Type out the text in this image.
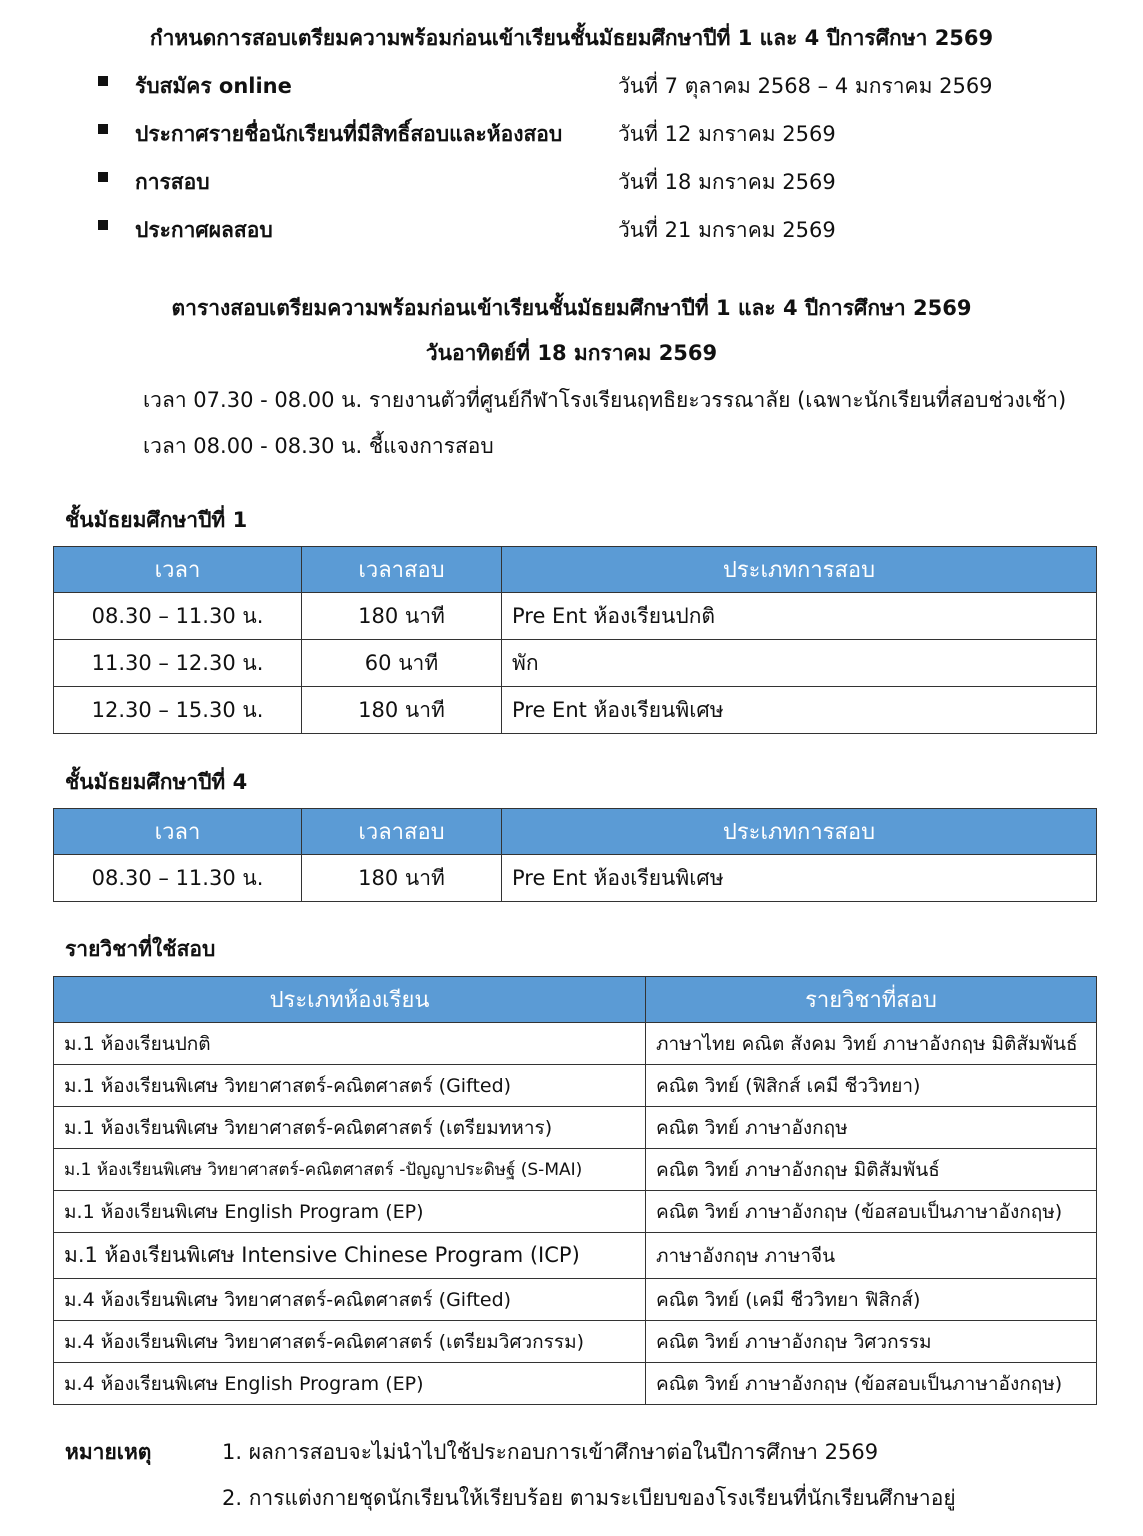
กำหนดการสอบเตรียมความพร้อมก่อนเข้าเรียนชั้นมัธยมศึกษาปีที่ 1 และ 4 ปีการศึกษา 2569
รับสมัคร online	วันที่ 7 ตุลาคม 2568 – 4 มกราคม 2569
ประกาศรายชื่อนักเรียนที่มีสิทธิ์สอบและห้องสอบ	วันที่ 12 มกราคม 2569
การสอบ	วันที่ 18 มกราคม 2569
ประกาศผลสอบ	วันที่ 21 มกราคม 2569
ตารางสอบเตรียมความพร้อมก่อนเข้าเรียนชั้นมัธยมศึกษาปีที่ 1 และ 4 ปีการศึกษา 2569
วันอาทิตย์ที่ 18 มกราคม 2569
เวลา 07.30 - 08.00 น. รายงานตัวที่ศูนย์กีฬาโรงเรียนฤทธิยะวรรณาลัย (เฉพาะนักเรียนที่สอบช่วงเช้า)
เวลา 08.00 - 08.30 น. ชี้แจงการสอบ
ชั้นมัธยมศึกษาปีที่ 1
เวลา	เวลาสอบ	ประเภทการสอบ
08.30 – 11.30 น.	180 นาที	Pre Ent ห้องเรียนปกติ
11.30 – 12.30 น.	60 นาที	พัก
12.30 – 15.30 น.	180 นาที	Pre Ent ห้องเรียนพิเศษ
ชั้นมัธยมศึกษาปีที่ 4
เวลา	เวลาสอบ	ประเภทการสอบ
08.30 – 11.30 น.	180 นาที	Pre Ent ห้องเรียนพิเศษ
รายวิชาที่ใช้สอบ
ประเภทห้องเรียน	รายวิชาที่สอบ
ม.1 ห้องเรียนปกติ	ภาษาไทย คณิต สังคม วิทย์ ภาษาอังกฤษ มิติสัมพันธ์
ม.1 ห้องเรียนพิเศษ วิทยาศาสตร์-คณิตศาสตร์ (Gifted)	คณิต วิทย์ (ฟิสิกส์ เคมี ชีววิทยา)
ม.1 ห้องเรียนพิเศษ วิทยาศาสตร์-คณิตศาสตร์ (เตรียมทหาร)	คณิต วิทย์ ภาษาอังกฤษ
ม.1 ห้องเรียนพิเศษ วิทยาศาสตร์-คณิตศาสตร์ -ปัญญาประดิษฐ์ (S-MAI)	คณิต วิทย์ ภาษาอังกฤษ มิติสัมพันธ์
ม.1 ห้องเรียนพิเศษ English Program (EP)	คณิต วิทย์ ภาษาอังกฤษ (ข้อสอบเป็นภาษาอังกฤษ)
ม.1 ห้องเรียนพิเศษ Intensive Chinese Program (ICP)	ภาษาอังกฤษ ภาษาจีน
ม.4 ห้องเรียนพิเศษ วิทยาศาสตร์-คณิตศาสตร์ (Gifted)	คณิต วิทย์ (เคมี ชีววิทยา ฟิสิกส์)
ม.4 ห้องเรียนพิเศษ วิทยาศาสตร์-คณิตศาสตร์ (เตรียมวิศวกรรม)	คณิต วิทย์ ภาษาอังกฤษ วิศวกรรม
ม.4 ห้องเรียนพิเศษ English Program (EP)	คณิต วิทย์ ภาษาอังกฤษ (ข้อสอบเป็นภาษาอังกฤษ)
หมายเหตุ	1. ผลการสอบจะไม่นำไปใช้ประกอบการเข้าศึกษาต่อในปีการศึกษา 2569
2. การแต่งกายชุดนักเรียนให้เรียบร้อย ตามระเบียบของโรงเรียนที่นักเรียนศึกษาอยู่
